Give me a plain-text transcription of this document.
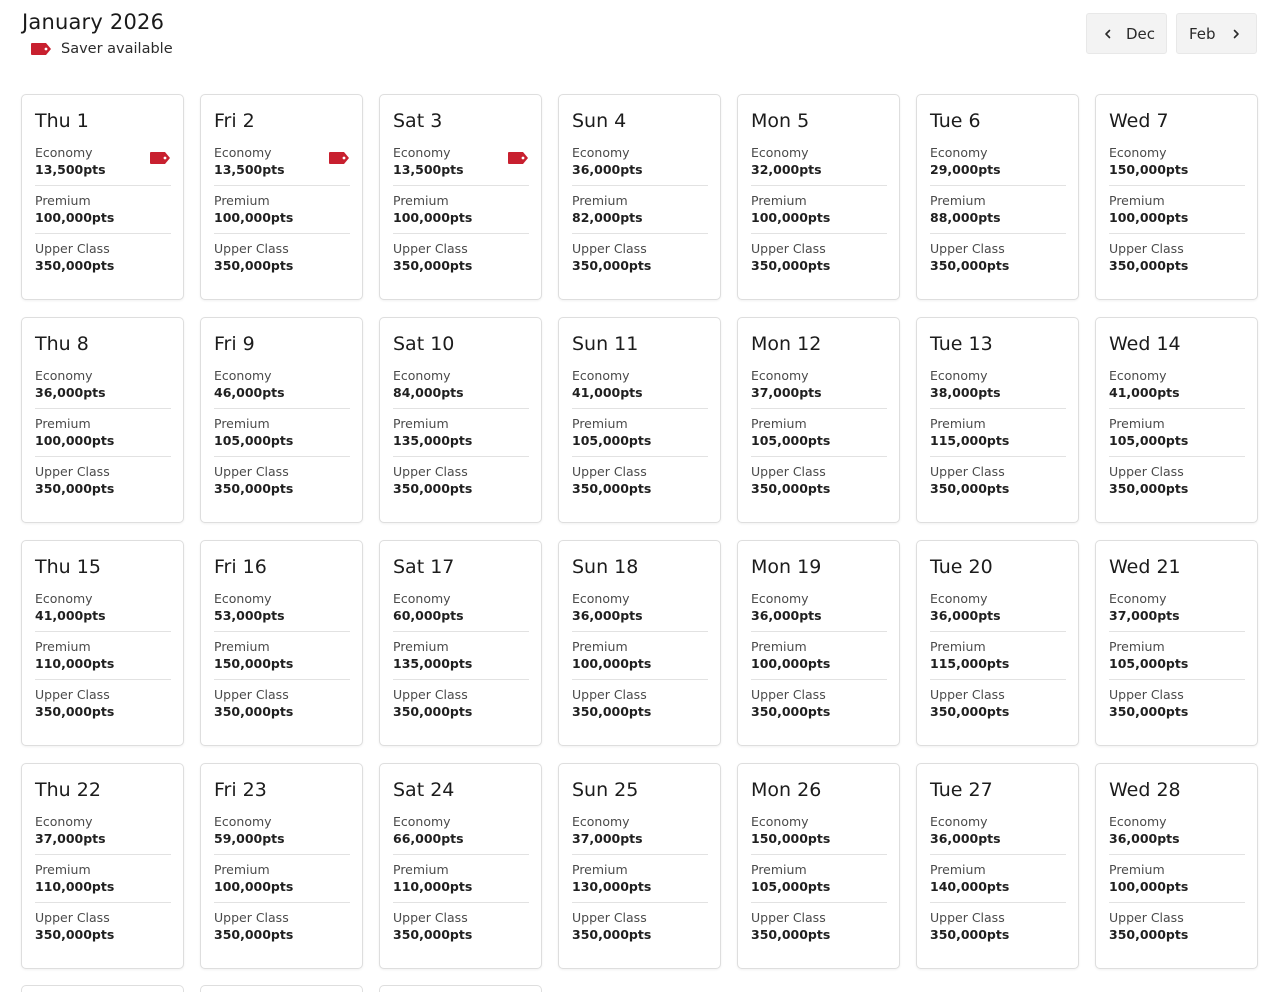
January 2026
Saver available
Dec Feb
Thu 1
Economy
13,500pts
Premium
100,000pts
Upper Class
350,000pts
Fri 2
Economy
13,500pts
Premium
100,000pts
Upper Class
350,000pts
Sat 3
Economy
13,500pts
Premium
100,000pts
Upper Class
350,000pts
Sun 4
Economy
36,000pts
Premium
82,000pts
Upper Class
350,000pts
Mon 5
Economy
32,000pts
Premium
100,000pts
Upper Class
350,000pts
Tue 6
Economy
29,000pts
Premium
88,000pts
Upper Class
350,000pts
Wed 7
Economy
150,000pts
Premium
100,000pts
Upper Class
350,000pts
Thu 8
Economy
36,000pts
Premium
100,000pts
Upper Class
350,000pts
Fri 9
Economy
46,000pts
Premium
105,000pts
Upper Class
350,000pts
Sat 10
Economy
84,000pts
Premium
135,000pts
Upper Class
350,000pts
Sun 11
Economy
41,000pts
Premium
105,000pts
Upper Class
350,000pts
Mon 12
Economy
37,000pts
Premium
105,000pts
Upper Class
350,000pts
Tue 13
Economy
38,000pts
Premium
115,000pts
Upper Class
350,000pts
Wed 14
Economy
41,000pts
Premium
105,000pts
Upper Class
350,000pts
Thu 15
Economy
41,000pts
Premium
110,000pts
Upper Class
350,000pts
Fri 16
Economy
53,000pts
Premium
150,000pts
Upper Class
350,000pts
Sat 17
Economy
60,000pts
Premium
135,000pts
Upper Class
350,000pts
Sun 18
Economy
36,000pts
Premium
100,000pts
Upper Class
350,000pts
Mon 19
Economy
36,000pts
Premium
100,000pts
Upper Class
350,000pts
Tue 20
Economy
36,000pts
Premium
115,000pts
Upper Class
350,000pts
Wed 21
Economy
37,000pts
Premium
105,000pts
Upper Class
350,000pts
Thu 22
Economy
37,000pts
Premium
110,000pts
Upper Class
350,000pts
Fri 23
Economy
59,000pts
Premium
100,000pts
Upper Class
350,000pts
Sat 24
Economy
66,000pts
Premium
110,000pts
Upper Class
350,000pts
Sun 25
Economy
37,000pts
Premium
130,000pts
Upper Class
350,000pts
Mon 26
Economy
150,000pts
Premium
105,000pts
Upper Class
350,000pts
Tue 27
Economy
36,000pts
Premium
140,000pts
Upper Class
350,000pts
Wed 28
Economy
36,000pts
Premium
100,000pts
Upper Class
350,000pts
